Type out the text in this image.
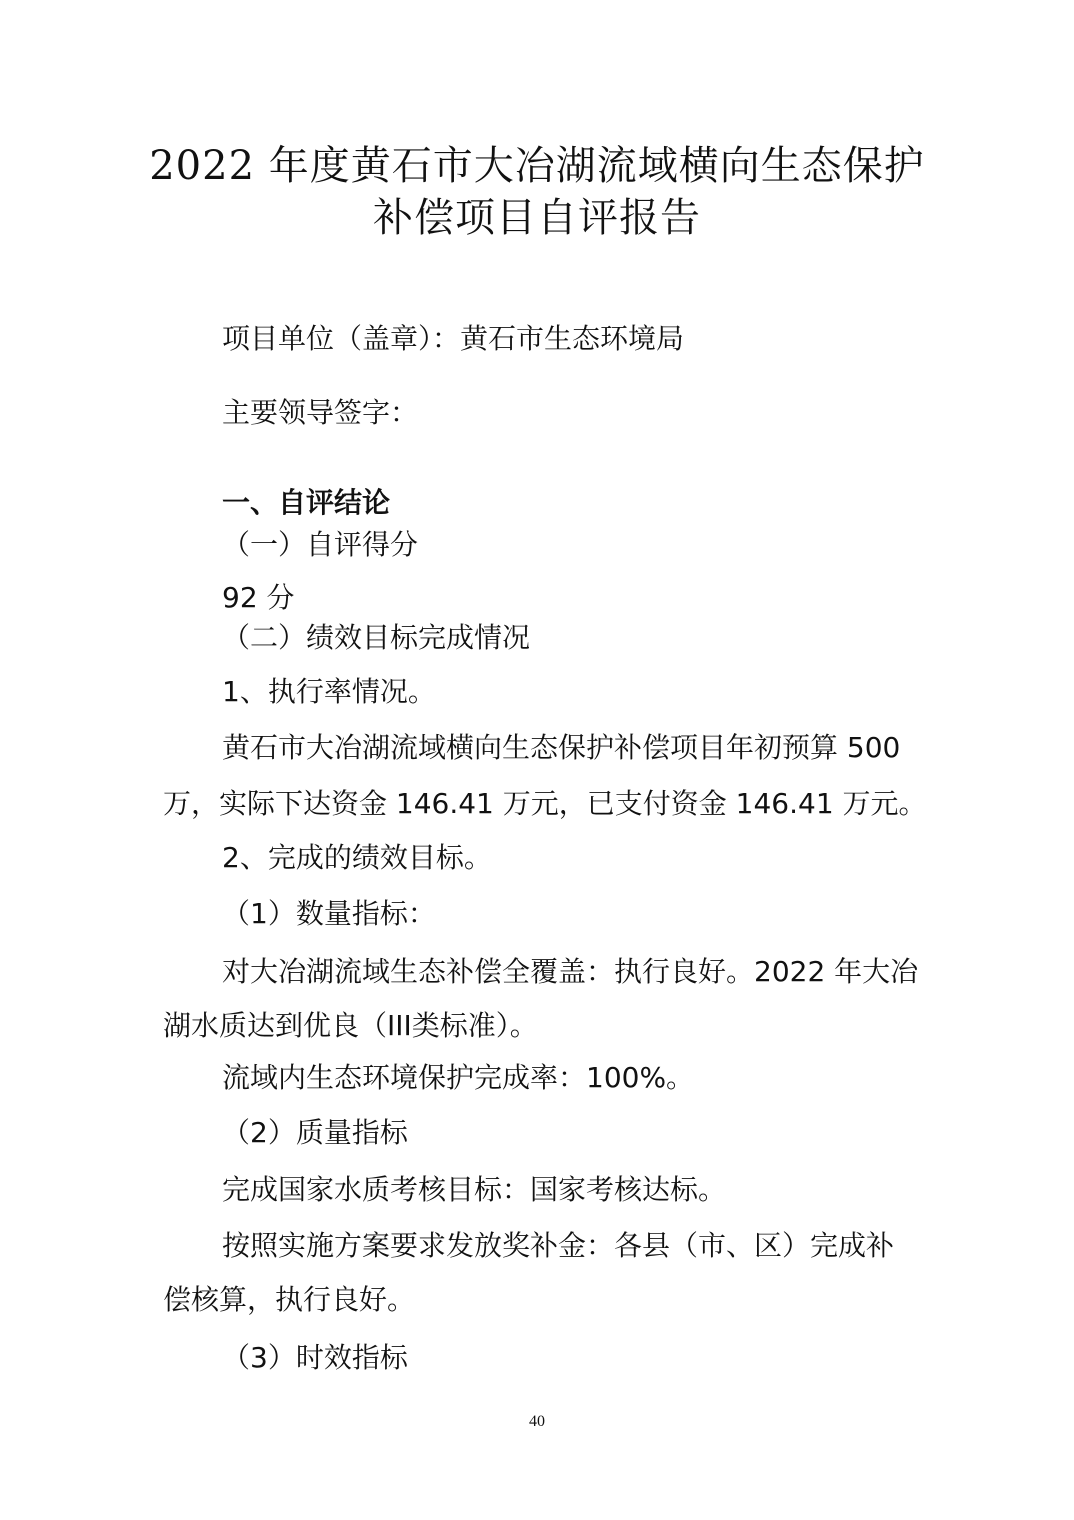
2022 年度黄石市大冶湖流域横向生态保护
补偿项目自评报告
项目单位（盖章）：黄石市生态环境局
主要领导签字：
一、自评结论
（一）自评得分
92 分
（二）绩效目标完成情况
1、执行率情况。
黄石市大冶湖流域横向生态保护补偿项目年初预算 500
万，实际下达资金 146.41 万元，已支付资金 146.41 万元。
2、完成的绩效目标。
（1）数量指标：
对大冶湖流域生态补偿全覆盖：执行良好。2022 年大冶
湖水质达到优良（III类标准）。
流域内生态环境保护完成率：100%。
（2）质量指标
完成国家水质考核目标：国家考核达标。
按照实施方案要求发放奖补金：各县（市、区）完成补
偿核算，执行良好。
（3）时效指标
40
